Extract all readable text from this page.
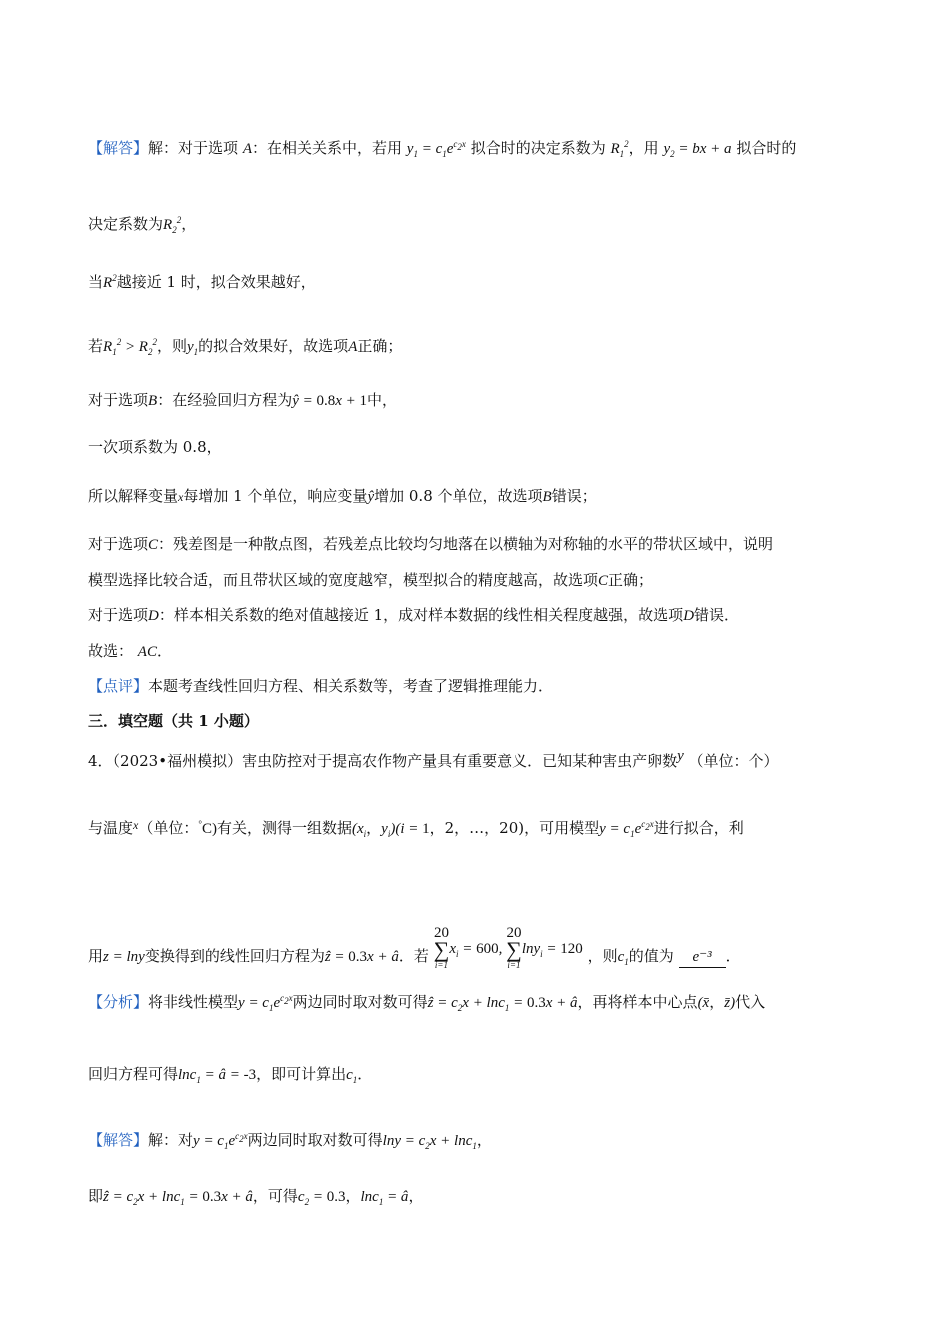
【解答】解：对于选项 A：在相关关系中，若用 $y_1 = c_1e^{c_2x}$ 拟合时的决定系数为 $R_1^2$，用 $y_2$ = bx + a 拟合时的
决定系数为$R_2^2$，
当$R^2$越接近 1 时，拟合效果越好，
若$R_1^2 > R_2^2$，则$y_1$的拟合效果好，故选项A正确；
对于选项B：在经验回归方程为ŷ = 0.8x + 1中，
一次项系数为 0.8，
所以解释变量x每增加 1 个单位，响应变量ŷ增加 0.8 个单位，故选项B错误；
对于选项C：残差图是一种散点图，若残差点比较均匀地落在以横轴为对称轴的水平的带状区域中，说明
模型选择比较合适，而且带状区域的宽度越窄，模型拟合的精度越高，故选项C正确；
对于选项D：样本相关系数的绝对值越接近 1，成对样本数据的线性相关程度越强，故选项D错误．
故选： AC．
【点评】本题考查线性回归方程、相关系数等，考查了逻辑推理能力．
三．填空题（共 1 小题）
4．（2023•福州模拟）害虫防控对于提高农作物产量具有重要意义．已知某种害虫产卵数y （单位：个）
与温度$^x$（单位：°C)有关，测得一组数据($x_i$，$y_i)(i = 1$，2，…，20)，可用模型$y = c_1e^{c_2x}$进行拟合，利
用z = lny变换得到的线性回归方程为ẑ = 0.3x + â．若 20
∑
$i=1x_i = 600$, 20
∑
i=1lny$_i$ = 120 ，则$c_1$的值为 e⁻³ ．
【分析】将非线性模型$y = c_1e^{c_2x}$两边同时取对数可得ẑ = $c_2x + \ln c_1 = 0.3x$ + â，再将样本中心点(x̄，z̄)代入
回归方程可得lnc$_1$ = â = -3，即可计算出$c_1$．
【解答】解：对$y = c_1e^{c_2x}$两边同时取对数可得$\ln y = c_2x + \ln c_1$，
即ẑ = $c_2x + \ln c_1 = 0.3x$ + â，可得$c_2 = 0.3$，lnc$_1$ = â，
